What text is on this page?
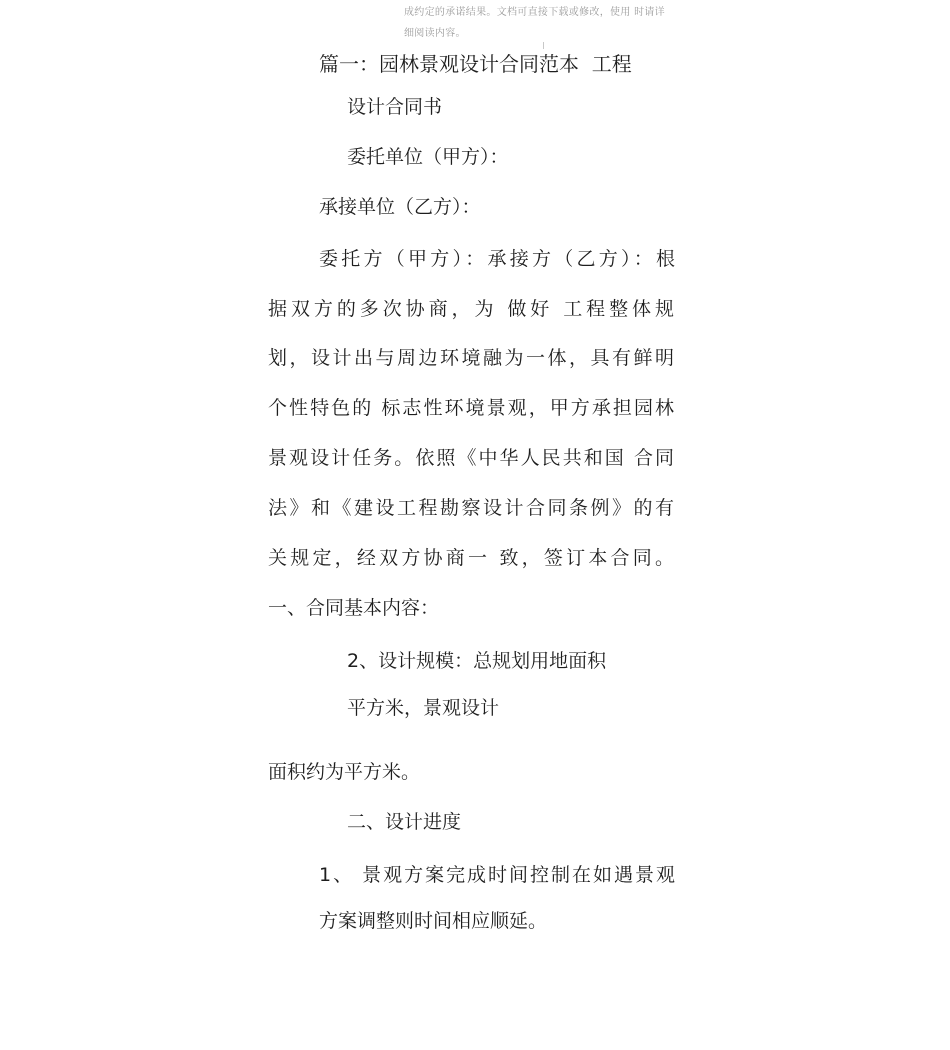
成约定的承诺结果。文档可直接下载或修改，使用 时请详
细阅读内容。
篇一：园林景观设计合同范本  工程
设计合同书
委托单位（甲方）：
承接单位（乙方）：
委托方（甲方）：承接方（乙方）：根
据双方的多次协商，为 做好 工程整体规
划，设计出与周边环境融为一体，具有鲜明
个性特色的 标志性环境景观，甲方承担园林
景观设计任务。依照《中华人民共和国 合同
法》和《建设工程勘察设计合同条例》的有
关规定，经双方协商一 致，签订本合同。
一、合同基本内容：
2、设计规模：总规划用地面积
平方米，景观设计
面积约为平方米。
二、设计进度
1、 景观方案完成时间控制在如遇景观
方案调整则时间相应顺延。
